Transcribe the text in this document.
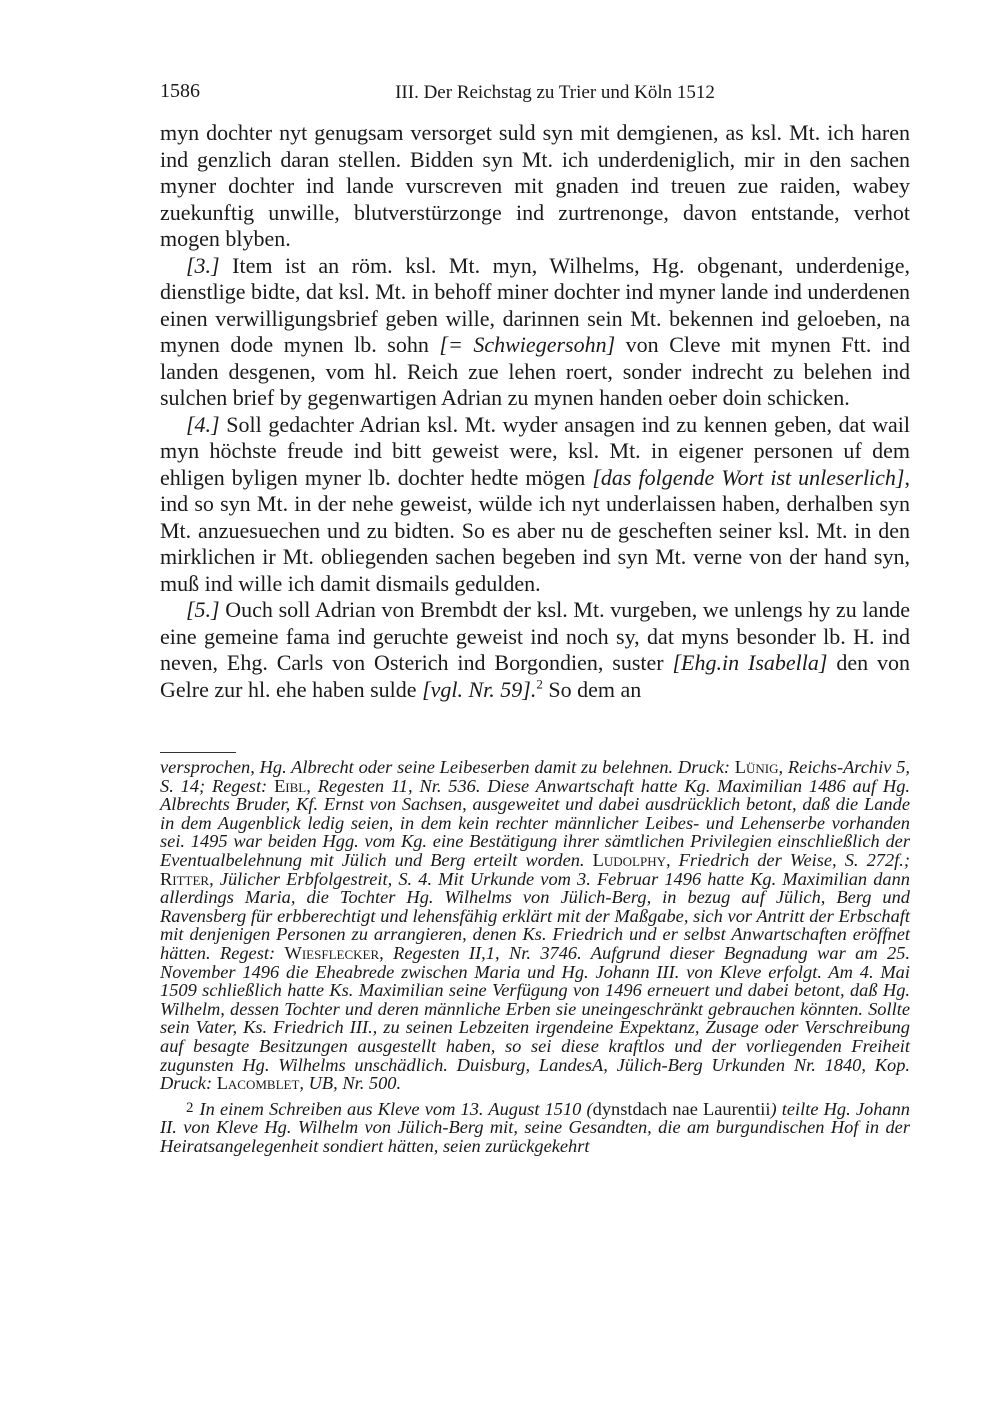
1586	III. Der Reichstag zu Trier und Köln 1512

myn dochter nyt genugsam versorget suld syn mit demgienen, as ksl. Mt. ich haren ind genzlich daran stellen. Bidden syn Mt. ich underdeniglich, mir in den sachen myner dochter ind lande vurscreven mit gnaden ind treuen zue raiden, wabey zuekunftig unwille, blutverstürzonge ind zurtrenonge, davon entstande, verhot mogen blyben.

[3.] Item ist an röm. ksl. Mt. myn, Wilhelms, Hg. obgenant, underdenige, dienstlige bidte, dat ksl. Mt. in behoff miner dochter ind myner lande ind underdenen einen verwilligungsbrief geben wille, darinnen sein Mt. bekennen ind geloeben, na mynen dode mynen lb. sohn [= Schwiegersohn] von Cleve mit mynen Ftt. ind landen desgenen, vom hl. Reich zue lehen roert, sonder indrecht zu belehen ind sulchen brief by gegenwartigen Adrian zu mynen handen oeber doin schicken.

[4.] Soll gedachter Adrian ksl. Mt. wyder ansagen ind zu kennen geben, dat wail myn höchste freude ind bitt geweist were, ksl. Mt. in eigener personen uf dem ehligen byligen myner lb. dochter hedte mögen [das folgende Wort ist unleserlich], ind so syn Mt. in der nehe geweist, wülde ich nyt underlaissen haben, derhalben syn Mt. anzuesuechen und zu bidten. So es aber nu de gescheften seiner ksl. Mt. in den mirklichen ir Mt. obliegenden sachen begeben ind syn Mt. verne von der hand syn, muß ind wille ich damit dismails gedulden.

[5.] Ouch soll Adrian von Brembdt der ksl. Mt. vurgeben, we unlengs hy zu lande eine gemeine fama ind geruchte geweist ind noch sy, dat myns besonder lb. H. ind neven, Ehg. Carls von Osterich ind Borgondien, suster [Ehg.in Isabella] den von Gelre zur hl. ehe haben sulde [vgl. Nr. 59].$^2$ So dem an

versprochen, Hg. Albrecht oder seine Leibeserben damit zu belehnen. Druck: Lünig, Reichs-Archiv 5, S. 14; Regest: Eibl, Regesten 11, Nr. 536. Diese Anwartschaft hatte Kg. Maximilian 1486 auf Hg. Albrechts Bruder, Kf. Ernst von Sachsen, ausgeweitet und dabei ausdrücklich betont, daß die Lande in dem Augenblick ledig seien, in dem kein rechter männlicher Leibes- und Lehenserbe vorhanden sei. 1495 war beiden Hgg. vom Kg. eine Bestätigung ihrer sämtlichen Privilegien einschließlich der Eventualbelehnung mit Jülich und Berg erteilt worden. Ludolphy, Friedrich der Weise, S. 272f.; Ritter, Jülicher Erbfolgestreit, S. 4. Mit Urkunde vom 3. Februar 1496 hatte Kg. Maximilian dann allerdings Maria, die Tochter Hg. Wilhelms von Jülich-Berg, in bezug auf Jülich, Berg und Ravensberg für erbberechtigt und lehensfähig erklärt mit der Maßgabe, sich vor Antritt der Erbschaft mit denjenigen Personen zu arrangieren, denen Ks. Friedrich und er selbst Anwartschaften eröffnet hätten. Regest: Wiesflecker, Regesten II,1, Nr. 3746. Aufgrund dieser Begnadung war am 25. November 1496 die Eheabrede zwischen Maria und Hg. Johann III. von Kleve erfolgt. Am 4. Mai 1509 schließlich hatte Ks. Maximilian seine Verfügung von 1496 erneuert und dabei betont, daß Hg. Wilhelm, dessen Tochter und deren männliche Erben sie uneingeschränkt gebrauchen könnten. Sollte sein Vater, Ks. Friedrich III., zu seinen Lebzeiten irgendeine Expektanz, Zusage oder Verschreibung auf besagte Besitzungen ausgestellt haben, so sei diese kraftlos und der vorliegenden Freiheit zugunsten Hg. Wilhelms unschädlich. Duisburg, LandesA, Jülich-Berg Urkunden Nr. 1840, Kop. Druck: Lacomblet, UB, Nr. 500.

2 In einem Schreiben aus Kleve vom 13. August 1510 (dynstdach nae Laurentii) teilte Hg. Johann II. von Kleve Hg. Wilhelm von Jülich-Berg mit, seine Gesandten, die am burgundischen Hof in der Heiratsangelegenheit sondiert hätten, seien zurückgekehrt
